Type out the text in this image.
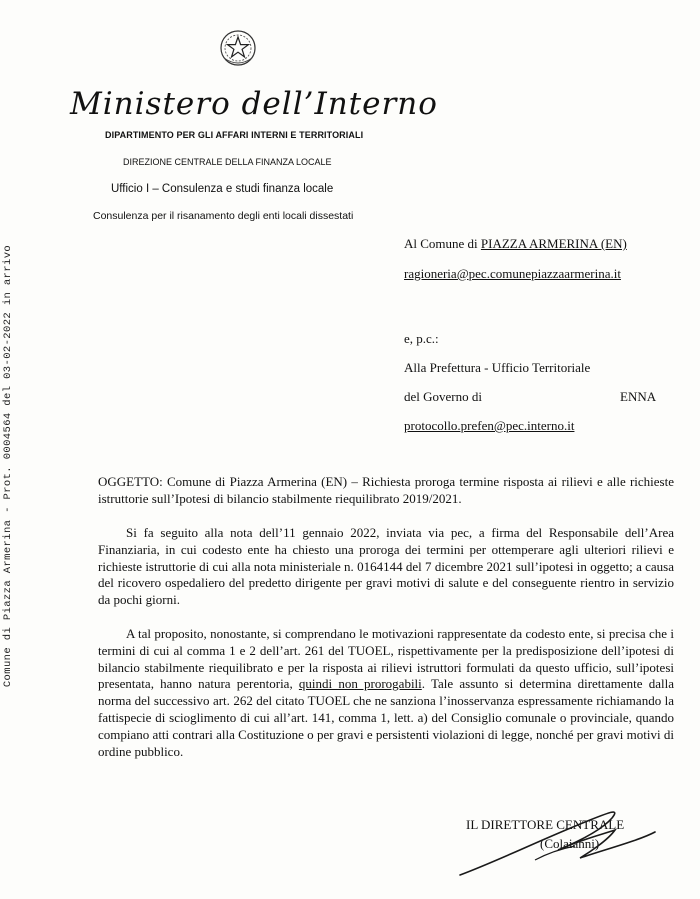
Comune di Piazza Armerina - Prot. 0004564 del 03-02-2022 in arrivo
Ministero dell’Interno
DIPARTIMENTO PER GLI AFFARI INTERNI E TERRITORIALI
DIREZIONE CENTRALE DELLA FINANZA LOCALE
Ufficio I – Consulenza e studi finanza locale
Consulenza per il risanamento degli enti locali dissestati
Al Comune di PIAZZA ARMERINA (EN)
ragioneria@pec.comunepiazzaarmerina.it
e, p.c.:
Alla Prefettura - Ufficio Territoriale
del Governo di	ENNA
protocollo.prefen@pec.interno.it
OGGETTO: Comune di Piazza Armerina (EN) – Richiesta proroga termine risposta ai rilievi e alle richieste istruttorie sull’Ipotesi di bilancio stabilmente riequilibrato 2019/2021.
Si fa seguito alla nota dell’11 gennaio 2022, inviata via pec, a firma del Responsabile dell’Area Finanziaria, in cui codesto ente ha chiesto una proroga dei termini per ottemperare agli ulteriori rilievi e richieste istruttorie di cui alla nota ministeriale n. 0164144 del 7 dicembre 2021 sull’ipotesi in oggetto; a causa del ricovero ospedaliero del predetto dirigente per gravi motivi di salute e del conseguente rientro in servizio da pochi giorni.
A tal proposito, nonostante, si comprendano le motivazioni rappresentate da codesto ente, si precisa che i termini di cui al comma 1 e 2 dell’art. 261 del TUOEL, rispettivamente per la predisposizione dell’ipotesi di bilancio stabilmente riequilibrato e per la risposta ai rilievi istruttori formulati da questo ufficio, sull’ipotesi presentata, hanno natura perentoria, quindi non prorogabili. Tale assunto si determina direttamente dalla norma del successivo art. 262 del citato TUOEL che ne sanziona l’inosservanza espressamente richiamando la fattispecie di scioglimento di cui all’art. 141, comma 1, lett. a) del Consiglio comunale o provinciale, quando compiano atti contrari alla Costituzione o per gravi e persistenti violazioni di legge, nonché per gravi motivi di ordine pubblico.
IL DIRETTORE CENTRALE
(Colaianni)
